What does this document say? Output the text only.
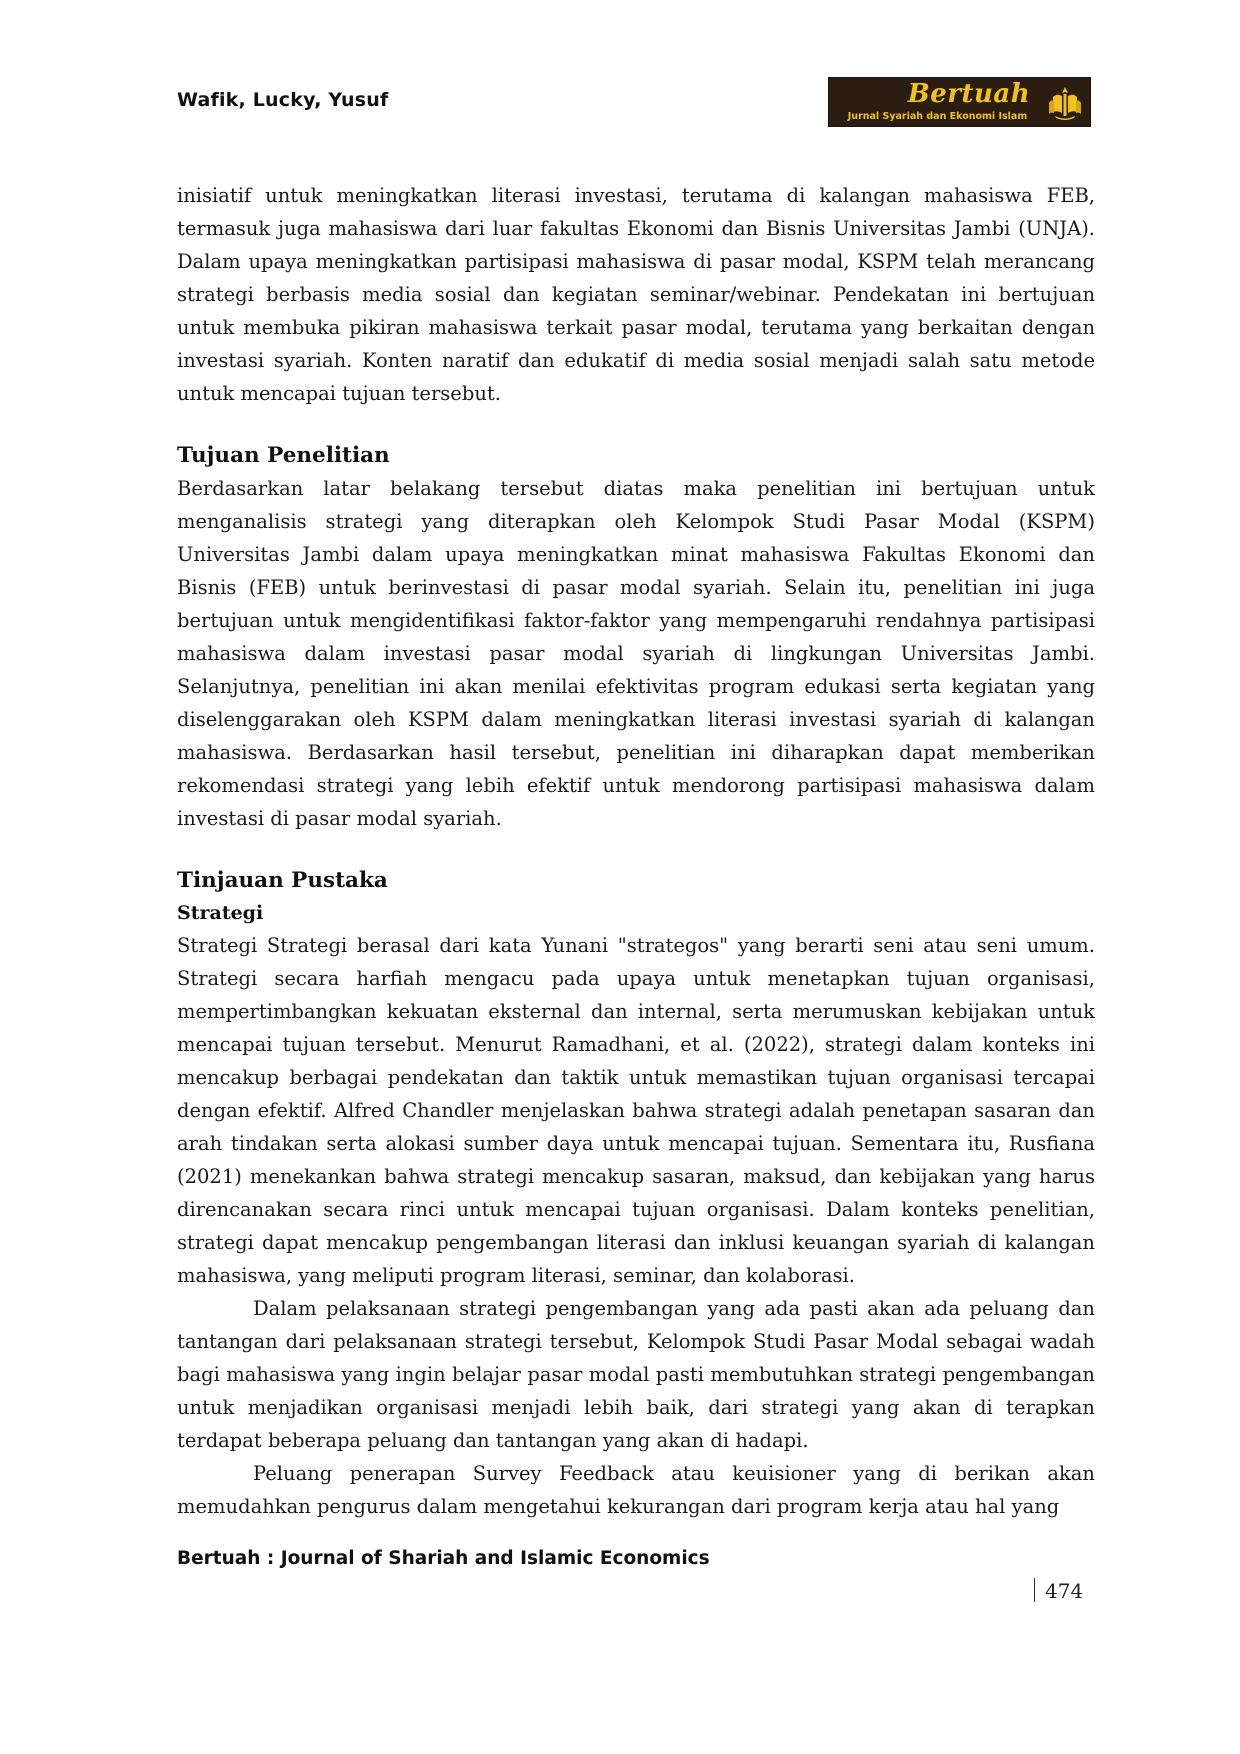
Wafik, Lucky, Yusuf	Bertuah
Jurnal Syariah dan Ekonomi Islam

inisiatif untuk meningkatkan literasi investasi, terutama di kalangan mahasiswa FEB, termasuk juga mahasiswa dari luar fakultas Ekonomi dan Bisnis Universitas Jambi (UNJA). Dalam upaya meningkatkan partisipasi mahasiswa di pasar modal, KSPM telah merancang strategi berbasis media sosial dan kegiatan seminar/webinar. Pendekatan ini bertujuan untuk membuka pikiran mahasiswa terkait pasar modal, terutama yang berkaitan dengan investasi syariah. Konten naratif dan edukatif di media sosial menjadi salah satu metode untuk mencapai tujuan tersebut.

Tujuan Penelitian

Berdasarkan latar belakang tersebut diatas maka penelitian ini bertujuan untuk menganalisis strategi yang diterapkan oleh Kelompok Studi Pasar Modal (KSPM) Universitas Jambi dalam upaya meningkatkan minat mahasiswa Fakultas Ekonomi dan Bisnis (FEB) untuk berinvestasi di pasar modal syariah. Selain itu, penelitian ini juga bertujuan untuk mengidentifikasi faktor-faktor yang mempengaruhi rendahnya partisipasi mahasiswa dalam investasi pasar modal syariah di lingkungan Universitas Jambi. Selanjutnya, penelitian ini akan menilai efektivitas program edukasi serta kegiatan yang diselenggarakan oleh KSPM dalam meningkatkan literasi investasi syariah di kalangan mahasiswa. Berdasarkan hasil tersebut, penelitian ini diharapkan dapat memberikan rekomendasi strategi yang lebih efektif untuk mendorong partisipasi mahasiswa dalam investasi di pasar modal syariah.

Tinjauan Pustaka
Strategi

Strategi Strategi berasal dari kata Yunani "strategos" yang berarti seni atau seni umum. Strategi secara harfiah mengacu pada upaya untuk menetapkan tujuan organisasi, mempertimbangkan kekuatan eksternal dan internal, serta merumuskan kebijakan untuk mencapai tujuan tersebut. Menurut Ramadhani, et al. (2022), strategi dalam konteks ini mencakup berbagai pendekatan dan taktik untuk memastikan tujuan organisasi tercapai dengan efektif. Alfred Chandler menjelaskan bahwa strategi adalah penetapan sasaran dan arah tindakan serta alokasi sumber daya untuk mencapai tujuan. Sementara itu, Rusfiana (2021) menekankan bahwa strategi mencakup sasaran, maksud, dan kebijakan yang harus direncanakan secara rinci untuk mencapai tujuan organisasi. Dalam konteks penelitian, strategi dapat mencakup pengembangan literasi dan inklusi keuangan syariah di kalangan mahasiswa, yang meliputi program literasi, seminar, dan kolaborasi.

Dalam pelaksanaan strategi pengembangan yang ada pasti akan ada peluang dan tantangan dari pelaksanaan strategi tersebut, Kelompok Studi Pasar Modal sebagai wadah bagi mahasiswa yang ingin belajar pasar modal pasti membutuhkan strategi pengembangan untuk menjadikan organisasi menjadi lebih baik, dari strategi yang akan di terapkan terdapat beberapa peluang dan tantangan yang akan di hadapi.

Peluang penerapan Survey Feedback atau keuisioner yang di berikan akan memudahkan pengurus dalam mengetahui kekurangan dari program kerja atau hal yang

Bertuah : Journal of Shariah and Islamic Economics
474
